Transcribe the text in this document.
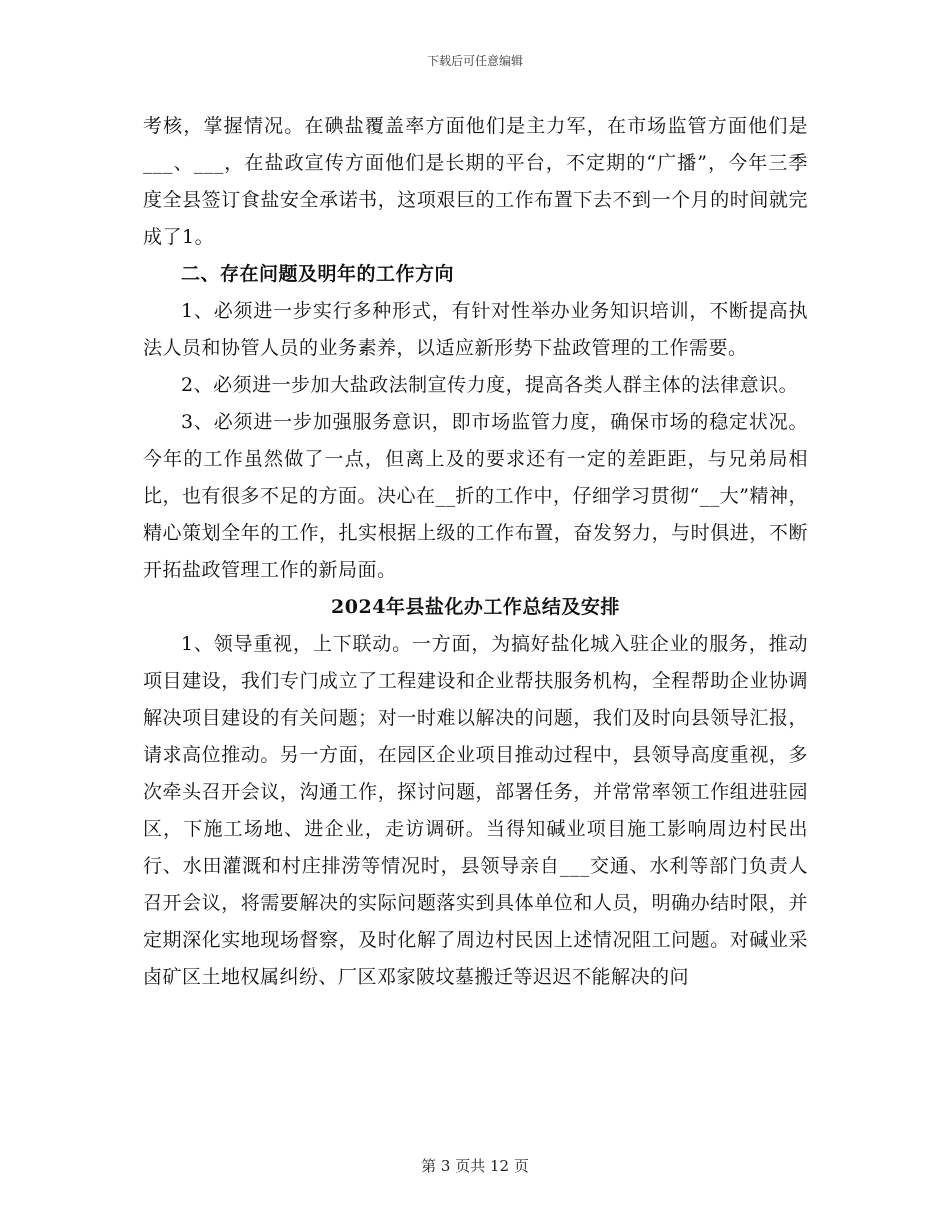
下载后可任意编辑

考核，掌握情况。在碘盐覆盖率方面他们是主力军，在市场监管方面他们是___、___，在盐政宣传方面他们是长期的平台，不定期的“广播”，今年三季度全县签订食盐安全承诺书，这项艰巨的工作布置下去不到一个月的时间就完成了1。

二、存在问题及明年的工作方向

1、必须进一步实行多种形式，有针对性举办业务知识培训，不断提高执法人员和协管人员的业务素养，以适应新形势下盐政管理的工作需要。

2、必须进一步加大盐政法制宣传力度，提高各类人群主体的法律意识。

3、必须进一步加强服务意识，即市场监管力度，确保市场的稳定状况。今年的工作虽然做了一点，但离上及的要求还有一定的差距距，与兄弟局相比，也有很多不足的方面。决心在__折的工作中，仔细学习贯彻“__大”精神，精心策划全年的工作，扎实根据上级的工作布置，奋发努力，与时俱进，不断开拓盐政管理工作的新局面。

2024年县盐化办工作总结及安排

1、领导重视，上下联动。一方面，为搞好盐化城入驻企业的服务，推动项目建设，我们专门成立了工程建设和企业帮扶服务机构，全程帮助企业协调解决项目建设的有关问题；对一时难以解决的问题，我们及时向县领导汇报，请求高位推动。另一方面，在园区企业项目推动过程中，县领导高度重视，多次牵头召开会议，沟通工作，探讨问题，部署任务，并常常率领工作组进驻园区，下施工场地、进企业，走访调研。当得知碱业项目施工影响周边村民出行、水田灌溉和村庄排涝等情况时，县领导亲自___交通、水利等部门负责人召开会议，将需要解决的实际问题落实到具体单位和人员，明确办结时限，并定期深化实地现场督察，及时化解了周边村民因上述情况阻工问题。对碱业采卤矿区土地权属纠纷、厂区邓家陂坟墓搬迁等迟迟不能解决的问

第 3 页共 12 页
